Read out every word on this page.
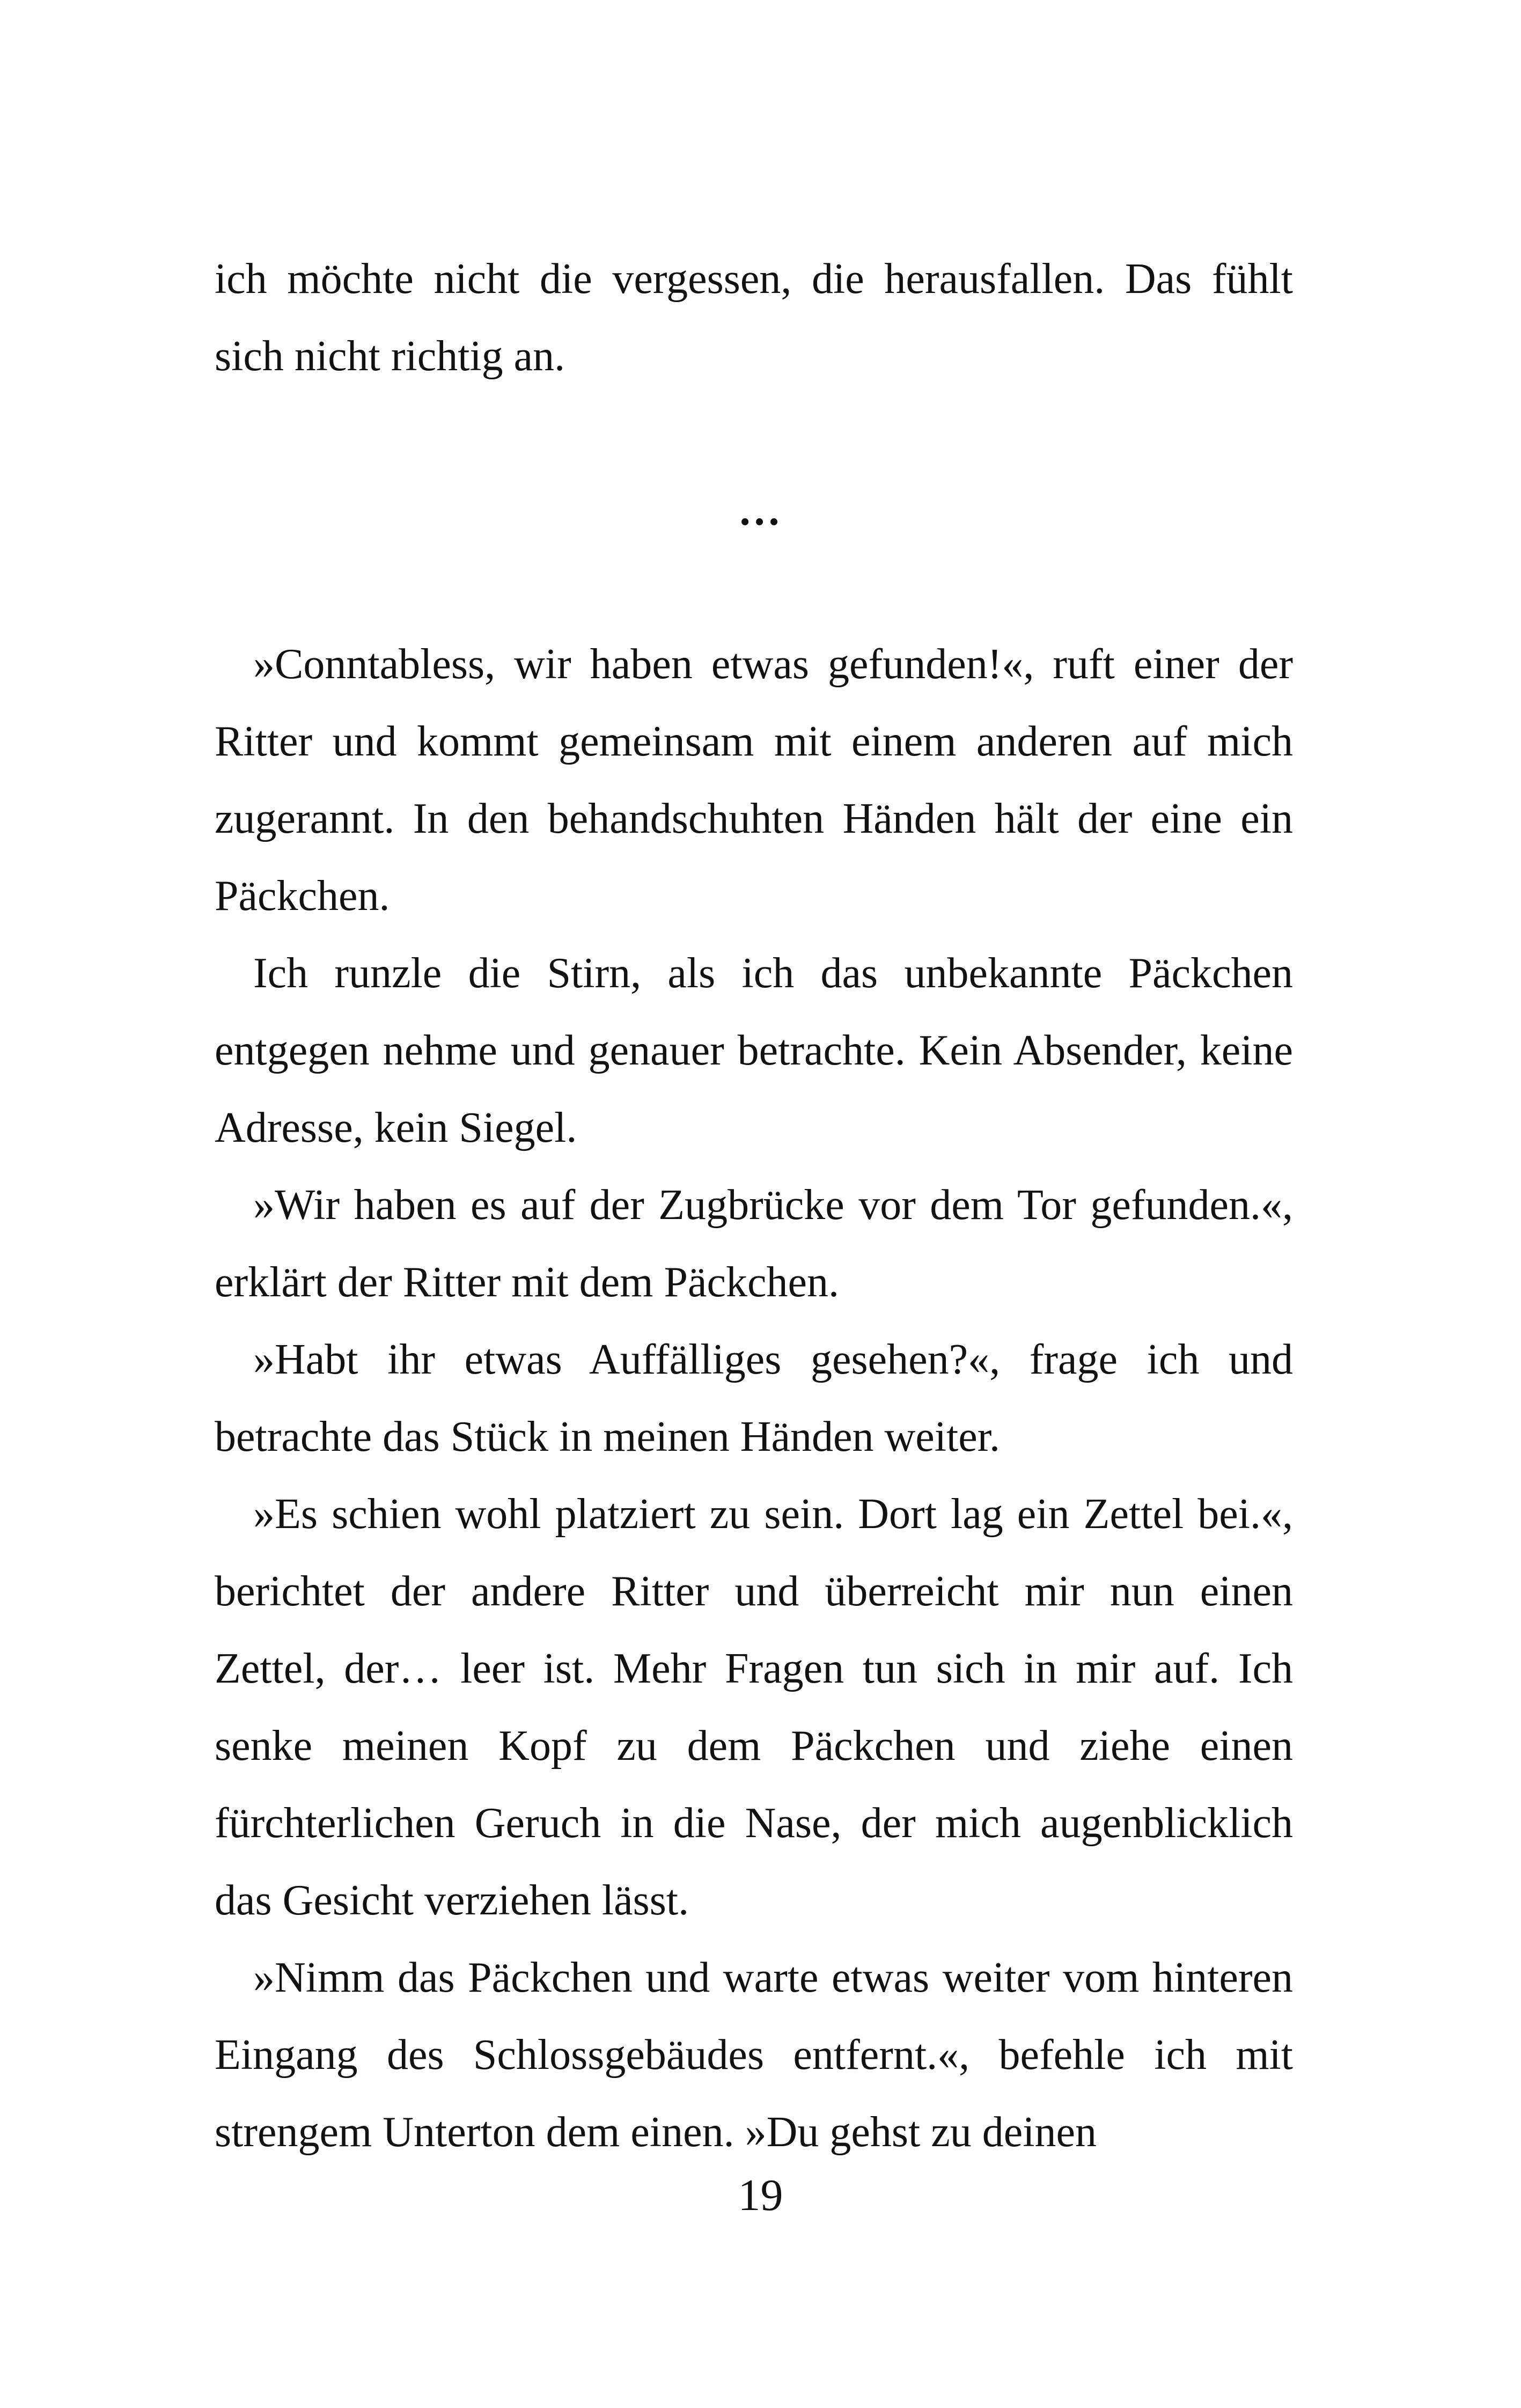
ich möchte nicht die vergessen, die herausfallen. Das fühlt sich nicht richtig an.

…

»Conntabless, wir haben etwas gefunden!«, ruft einer der Ritter und kommt gemeinsam mit einem anderen auf mich zugerannt. In den behandschuhten Händen hält der eine ein Päckchen.

Ich runzle die Stirn, als ich das unbekannte Päckchen entgegen nehme und genauer betrachte. Kein Absender, keine Adresse, kein Siegel.

»Wir haben es auf der Zugbrücke vor dem Tor gefunden.«, erklärt der Ritter mit dem Päckchen.

»Habt ihr etwas Auffälliges gesehen?«, frage ich und betrachte das Stück in meinen Händen weiter.

»Es schien wohl platziert zu sein. Dort lag ein Zettel bei.«, berichtet der andere Ritter und überreicht mir nun einen Zettel, der… leer ist. Mehr Fragen tun sich in mir auf. Ich senke meinen Kopf zu dem Päckchen und ziehe einen fürchterlichen Geruch in die Nase, der mich augenblicklich das Gesicht verziehen lässt.

»Nimm das Päckchen und warte etwas weiter vom hinteren Eingang des Schlossgebäudes entfernt.«, befehle ich mit strengem Unterton dem einen. »Du gehst zu deinen

19
